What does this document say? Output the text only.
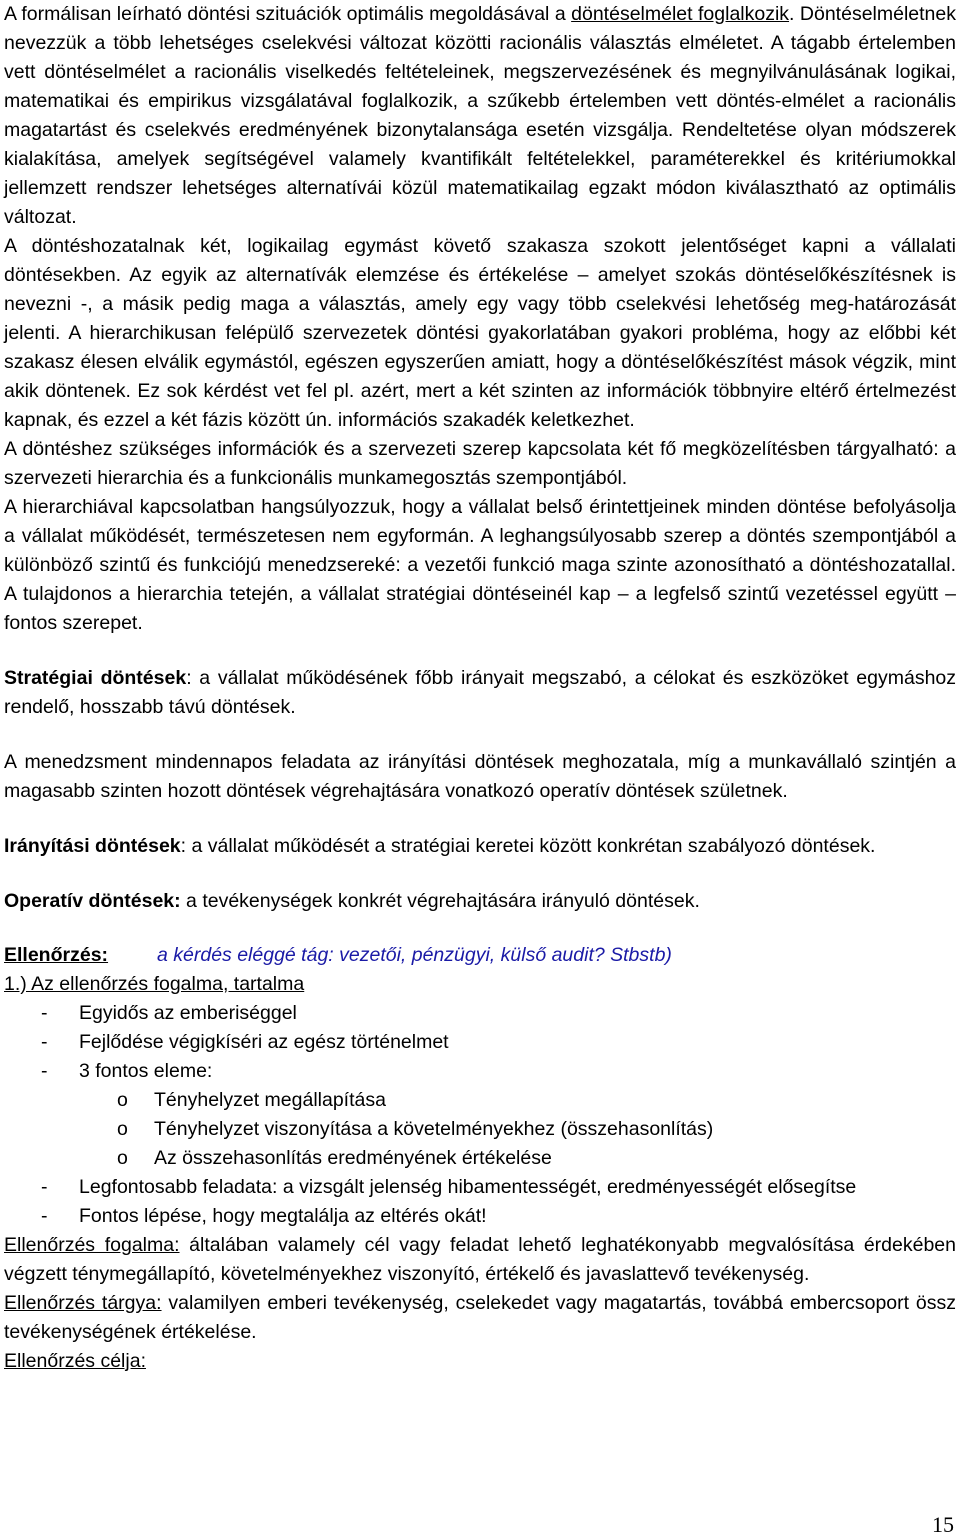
A formálisan leírható döntési szituációk optimális megoldásával a döntéselmélet foglalkozik. Döntéselméletnek nevezzük a több lehetséges cselekvési változat közötti racionális választás elméletet. A tágabb értelemben vett döntéselmélet a racionális viselkedés feltételeinek, megszervezésének és megnyilvánulásának logikai, matematikai és empirikus vizsgálatával foglalkozik, a szűkebb értelemben vett döntés-elmélet a racionális magatartást és cselekvés eredményének bizonytalansága esetén vizsgálja. Rendeltetése olyan módszerek kialakítása, amelyek segítségével valamely kvantifikált feltételekkel, paraméterekkel és kritériumokkal jellemzett rendszer lehetséges alternatívái közül matematikailag egzakt módon kiválasztható az optimális változat.

A döntéshozatalnak két, logikailag egymást követő szakasza szokott jelentőséget kapni a vállalati döntésekben. Az egyik az alternatívák elemzése és értékelése – amelyet szokás döntéselőkészítésnek is nevezni -, a másik pedig maga a választás, amely egy vagy több cselekvési lehetőség meg-határozását jelenti. A hierarchikusan felépülő szervezetek döntési gyakorlatában gyakori probléma, hogy az előbbi két szakasz élesen elválik egymástól, egészen egyszerűen amiatt, hogy a döntéselőkészítést mások végzik, mint akik döntenek. Ez sok kérdést vet fel pl. azért, mert a két szinten az információk többnyire eltérő értelmezést kapnak, és ezzel a két fázis között ún. információs szakadék keletkezhet.

A döntéshez szükséges információk és a szervezeti szerep kapcsolata két fő megközelítésben tárgyalható: a szervezeti hierarchia és a funkcionális munkamegosztás szempontjából.

A hierarchiával kapcsolatban hangsúlyozzuk, hogy a vállalat belső érintettjeinek minden döntése befolyásolja a vállalat működését, természetesen nem egyformán. A leghangsúlyosabb szerep a döntés szempontjából a különböző szintű és funkciójú menedzsereké: a vezetői funkció maga szinte azonosítható a döntéshozatallal. A tulajdonos a hierarchia tetején, a vállalat stratégiai döntéseinél kap – a legfelső szintű vezetéssel együtt – fontos szerepet.

Stratégiai döntések: a vállalat működésének főbb irányait megszabó, a célokat és eszközöket egymáshoz rendelő, hosszabb távú döntések.

A menedzsment mindennapos feladata az irányítási döntések meghozatala, míg a munkavállaló szintjén a magasabb szinten hozott döntések végrehajtására vonatkozó operatív döntések születnek.

Irányítási döntések: a vállalat működését a stratégiai keretei között konkrétan szabályozó döntések.

Operatív döntések: a tevékenységek konkrét végrehajtására irányuló döntések.

Ellenőrzés:	a kérdés eléggé tág: vezetői, pénzügyi, külső audit? Stbstb)

1.) Az ellenőrzés fogalma, tartalma

- Egyidős az emberiséggel
- Fejlődése végigkíséri az egész történelmet
- 3 fontos eleme:
o Tényhelyzet megállapítása
o Tényhelyzet viszonyítása a követelményekhez (összehasonlítás)
o Az összehasonlítás eredményének értékelése
- Legfontosabb feladata: a vizsgált jelenség hibamentességét, eredményességét elősegítse
- Fontos lépése, hogy megtalálja az eltérés okát!

Ellenőrzés fogalma: általában valamely cél vagy feladat lehető leghatékonyabb megvalósítása érdekében végzett ténymegállapító, követelményekhez viszonyító, értékelő és javaslattevő tevékenység.

Ellenőrzés tárgya: valamilyen emberi tevékenység, cselekedet vagy magatartás, továbbá embercsoport össz tevékenységének értékelése.

Ellenőrzés célja:

15
